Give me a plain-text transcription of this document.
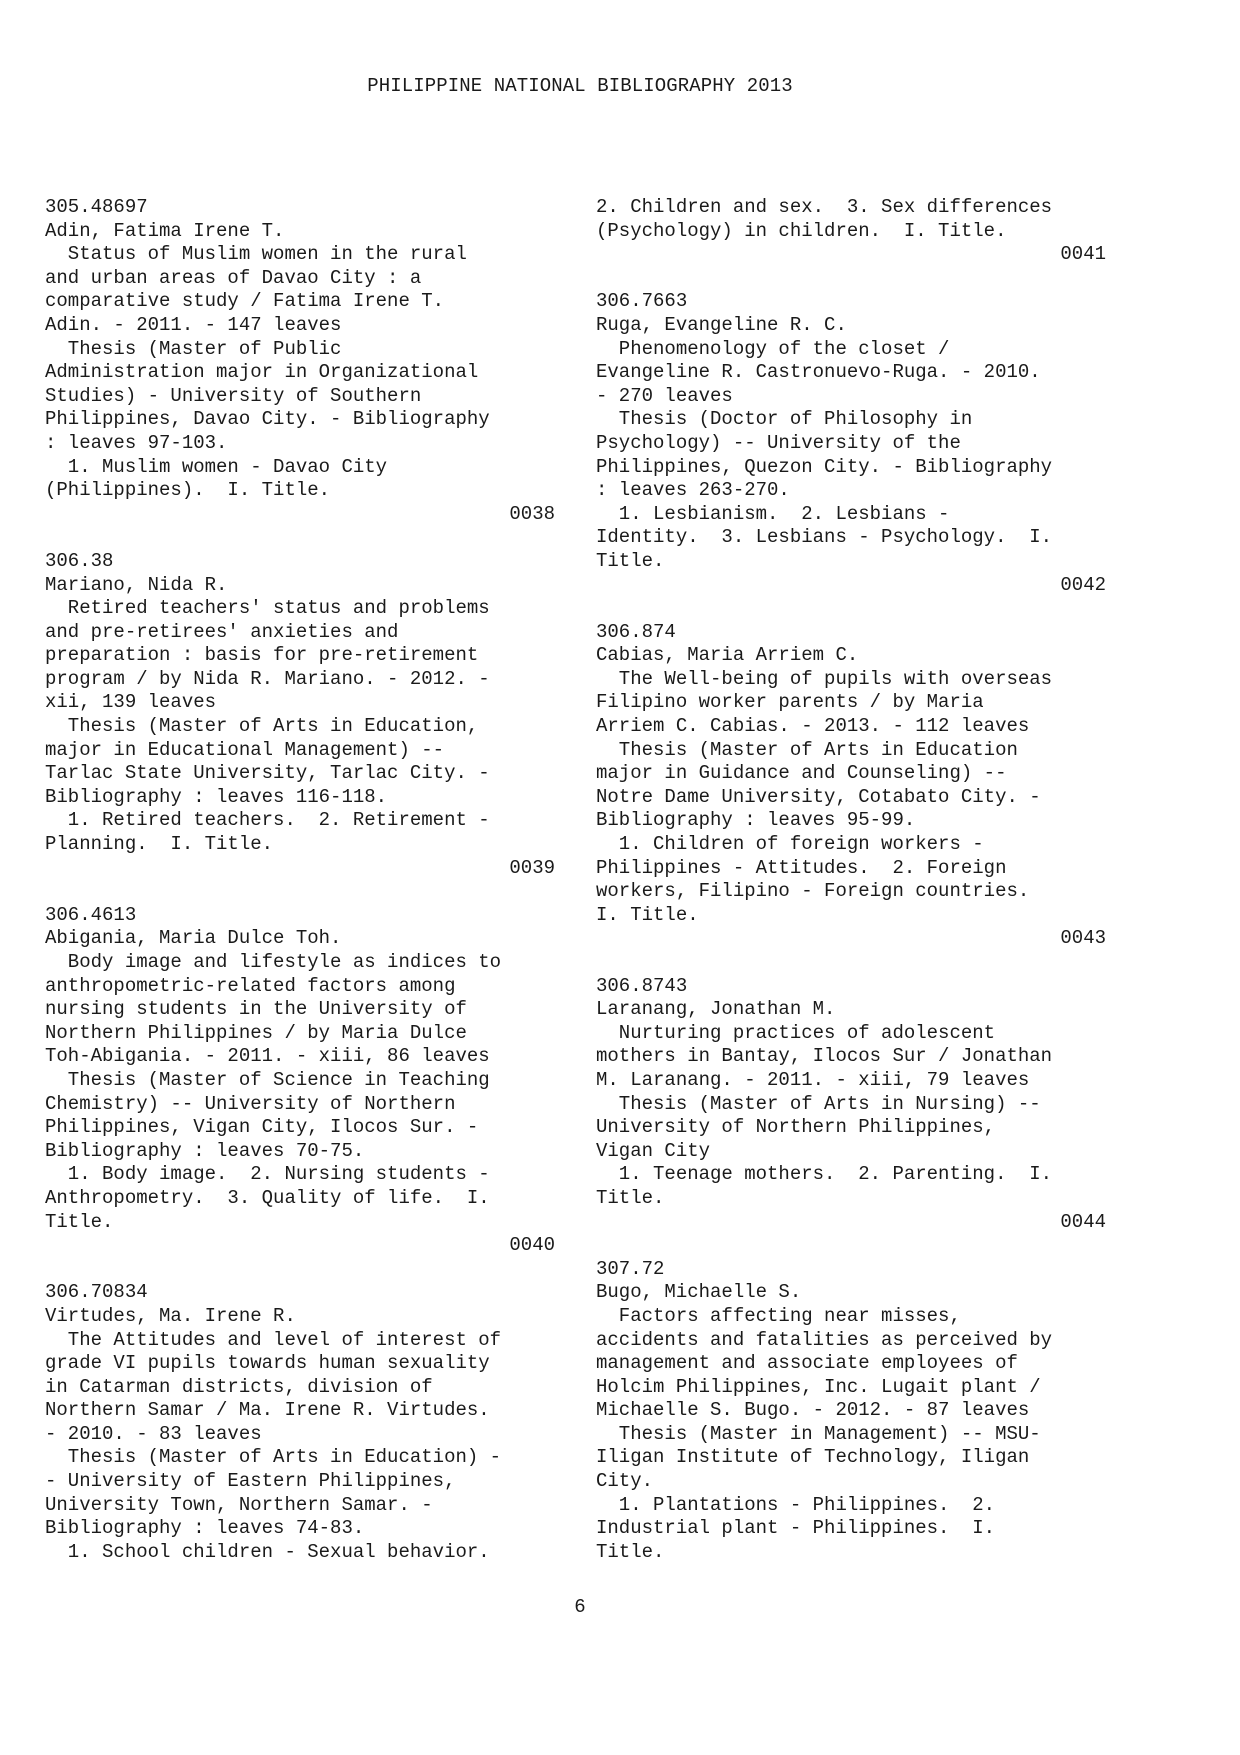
PHILIPPINE NATIONAL BIBLIOGRAPHY 2013
305.48697
Adin, Fatima Irene T.
Status of Muslim women in the rural
and urban areas of Davao City : a
comparative study / Fatima Irene T.
Adin. - 2011. - 147 leaves
Thesis (Master of Public
Administration major in Organizational
Studies) - University of Southern
Philippines, Davao City. - Bibliography
: leaves 97-103.
1. Muslim women - Davao City
(Philippines).  I. Title.
0038
306.38
Mariano, Nida R.
Retired teachers' status and problems
and pre-retirees' anxieties and
preparation : basis for pre-retirement
program / by Nida R. Mariano. - 2012. -
xii, 139 leaves
Thesis (Master of Arts in Education,
major in Educational Management) --
Tarlac State University, Tarlac City. -
Bibliography : leaves 116-118.
1. Retired teachers.  2. Retirement -
Planning.  I. Title.
0039
306.4613
Abigania, Maria Dulce Toh.
Body image and lifestyle as indices to
anthropometric-related factors among
nursing students in the University of
Northern Philippines / by Maria Dulce
Toh-Abigania. - 2011. - xiii, 86 leaves
Thesis (Master of Science in Teaching
Chemistry) -- University of Northern
Philippines, Vigan City, Ilocos Sur. -
Bibliography : leaves 70-75.
1. Body image.  2. Nursing students -
Anthropometry.  3. Quality of life.  I.
Title.
0040
306.70834
Virtudes, Ma. Irene R.
The Attitudes and level of interest of
grade VI pupils towards human sexuality
in Catarman districts, division of
Northern Samar / Ma. Irene R. Virtudes.
- 2010. - 83 leaves
Thesis (Master of Arts in Education) -
- University of Eastern Philippines,
University Town, Northern Samar. -
Bibliography : leaves 74-83.
1. School children - Sexual behavior.
2. Children and sex.  3. Sex differences
(Psychology) in children.  I. Title.
0041
306.7663
Ruga, Evangeline R. C.
Phenomenology of the closet /
Evangeline R. Castronuevo-Ruga. - 2010.
- 270 leaves
Thesis (Doctor of Philosophy in
Psychology) -- University of the
Philippines, Quezon City. - Bibliography
: leaves 263-270.
1. Lesbianism.  2. Lesbians -
Identity.  3. Lesbians - Psychology.  I.
Title.
0042
306.874
Cabias, Maria Arriem C.
The Well-being of pupils with overseas
Filipino worker parents / by Maria
Arriem C. Cabias. - 2013. - 112 leaves
Thesis (Master of Arts in Education
major in Guidance and Counseling) --
Notre Dame University, Cotabato City. -
Bibliography : leaves 95-99.
1. Children of foreign workers -
Philippines - Attitudes.  2. Foreign
workers, Filipino - Foreign countries.
I. Title.
0043
306.8743
Laranang, Jonathan M.
Nurturing practices of adolescent
mothers in Bantay, Ilocos Sur / Jonathan
M. Laranang. - 2011. - xiii, 79 leaves
Thesis (Master of Arts in Nursing) --
University of Northern Philippines,
Vigan City
1. Teenage mothers.  2. Parenting.  I.
Title.
0044
307.72
Bugo, Michaelle S.
Factors affecting near misses,
accidents and fatalities as perceived by
management and associate employees of
Holcim Philippines, Inc. Lugait plant /
Michaelle S. Bugo. - 2012. - 87 leaves
Thesis (Master in Management) -- MSU-
Iligan Institute of Technology, Iligan
City.
1. Plantations - Philippines.  2.
Industrial plant - Philippines.  I.
Title.
6
